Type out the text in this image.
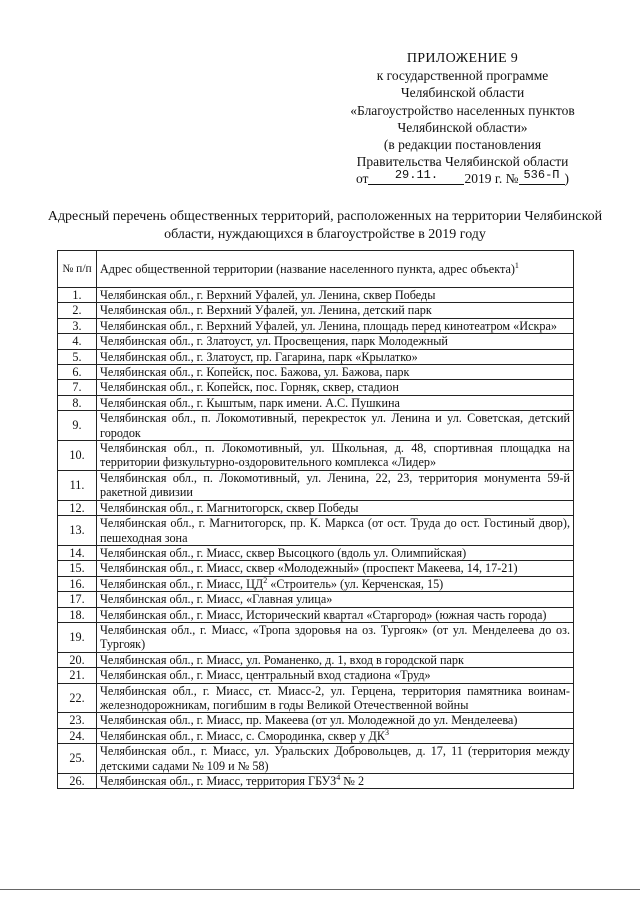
ПРИЛОЖЕНИЕ 9
к государственной программе
Челябинской области
«Благоустройство населенных пунктов
Челябинской области»
(в редакции постановления
Правительства Челябинской области
от 29.11. 2019 г. № 536-П )
Адресный перечень общественных территорий, расположенных на территории Челябинской области, нуждающихся в благоустройстве в 2019 году
№ п/п	Адрес общественной территории (название населенного пункта, адрес объекта)$^1$
1.	Челябинская обл., г. Верхний Уфалей, ул. Ленина, сквер Победы
2.	Челябинская обл., г. Верхний Уфалей, ул. Ленина, детский парк
3.	Челябинская обл., г. Верхний Уфалей, ул. Ленина, площадь перед кинотеатром «Искра»
4.	Челябинская обл., г. Златоуст, ул. Просвещения, парк Молодежный
5.	Челябинская обл., г. Златоуст, пр. Гагарина, парк «Крылатко»
6.	Челябинская обл., г. Копейск, пос. Бажова, ул. Бажова, парк
7.	Челябинская обл., г. Копейск, пос. Горняк, сквер, стадион
8.	Челябинская обл., г. Кыштым, парк имени. А.С. Пушкина
9.	Челябинская обл., п. Локомотивный, перекресток ул. Ленина и ул. Советская, детский городок
10.	Челябинская обл., п. Локомотивный, ул. Школьная, д. 48, спортивная площадка на территории физкультурно-оздоровительного комплекса «Лидер»
11.	Челябинская обл., п. Локомотивный, ул. Ленина, 22, 23, территория монумента 59-й ракетной дивизии
12.	Челябинская обл., г. Магнитогорск, сквер Победы
13.	Челябинская обл., г. Магнитогорск, пр. К. Маркса (от ост. Труда до ост. Гостиный двор), пешеходная зона
14.	Челябинская обл., г. Миасс, сквер Высоцкого (вдоль ул. Олимпийская)
15.	Челябинская обл., г. Миасс, сквер «Молодежный» (проспект Макеева, 14, 17-21)
16.	Челябинская обл., г. Миасс, $ЦД^2$ «Строитель» (ул. Керченская, 15)
17.	Челябинская обл., г. Миасс, «Главная улица»
18.	Челябинская обл., г. Миасс, Исторический квартал «Старгород» (южная часть города)
19.	Челябинская обл., г. Миасс, «Тропа здоровья на оз. Тургояк» (от ул. Менделеева до оз. Тургояк)
20.	Челябинская обл., г. Миасс, ул. Романенко, д. 1, вход в городской парк
21.	Челябинская обл., г. Миасс, центральный вход стадиона «Труд»
22.	Челябинская обл., г. Миасс, ст. Миасс-2, ул. Герцена, территория памятника воинам-железнодорожникам, погибшим в годы Великой Отечественной войны
23.	Челябинская обл., г. Миасс, пр. Макеева (от ул. Молодежной до ул. Менделеева)
24.	Челябинская обл., г. Миасс, с. Смородинка, сквер у $ДК^3$
25.	Челябинская обл., г. Миасс, ул. Уральских Добровольцев, д. 17, 11 (территория между детскими садами № 109 и № 58)
26.	Челябинская обл., г. Миасс, территория ГБУЗ$^4$ № 2
